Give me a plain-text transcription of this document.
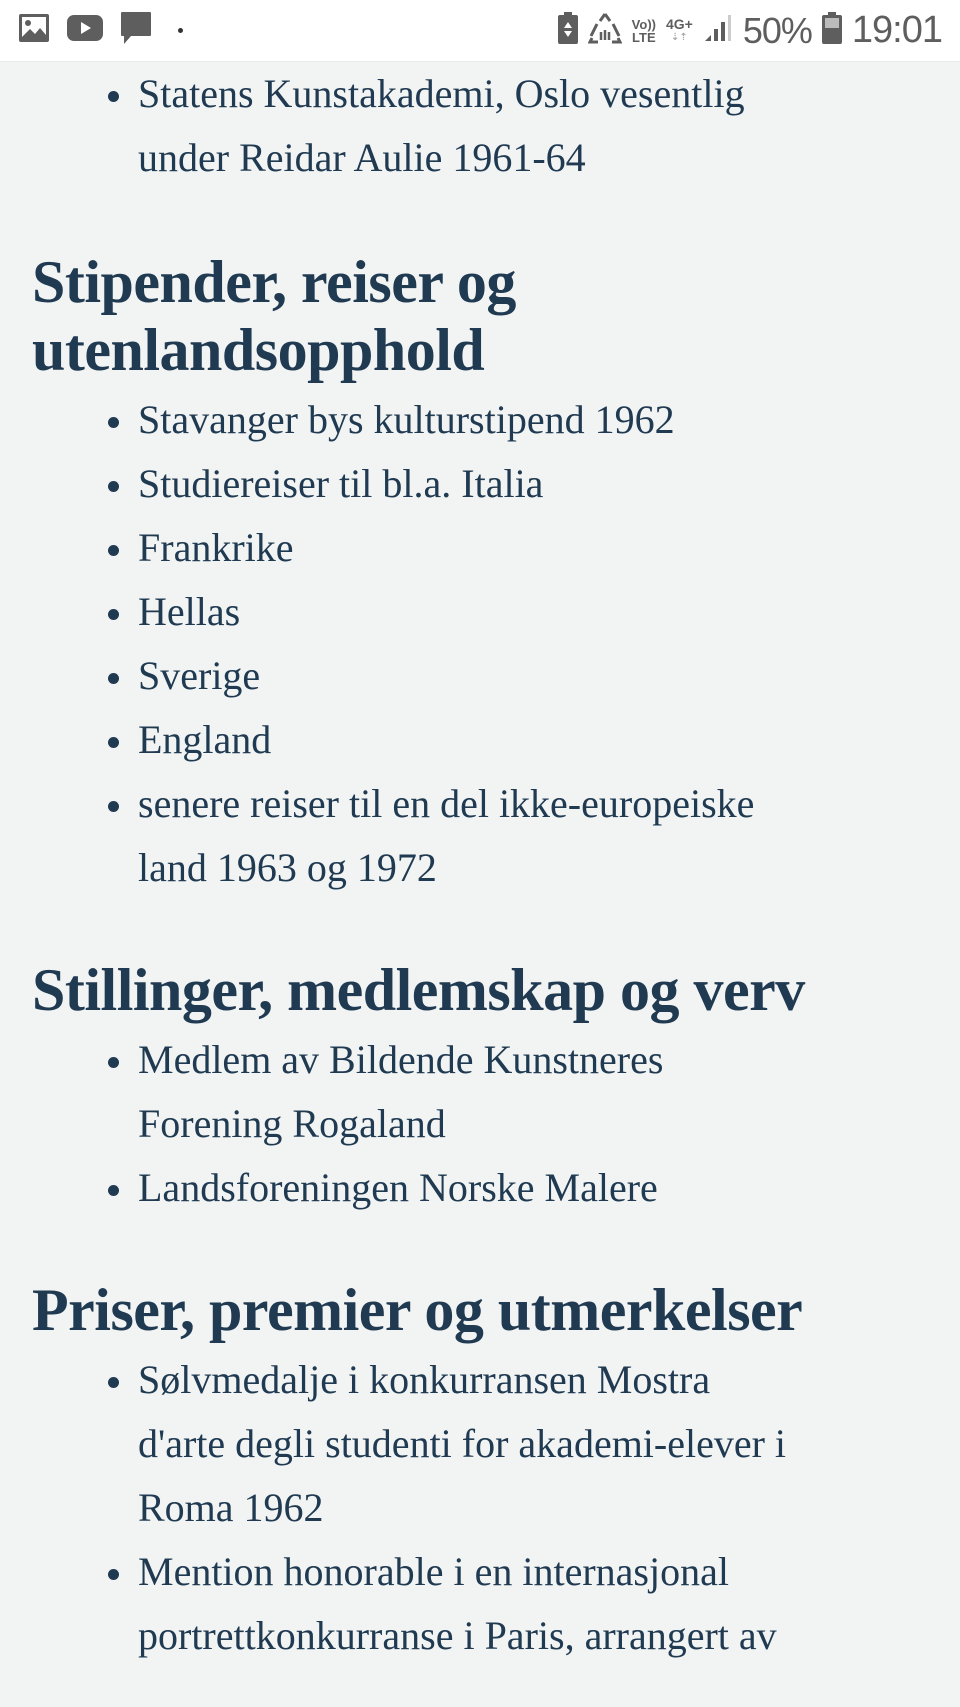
Vo))
LTE
4G+
⇣⇡ 50% 19:01
Statens Kunstakademi, Oslo vesentlig
under Reidar Aulie 1961-64
Stipender, reiser og
utenlandsopphold
Stavanger bys kulturstipend 1962
Studiereiser til bl.a. Italia
Frankrike
Hellas
Sverige
England
senere reiser til en del ikke-europeiske
land 1963 og 1972
Stillinger, medlemskap og verv
Medlem av Bildende Kunstneres
Forening Rogaland
Landsforeningen Norske Malere
Priser, premier og utmerkelser
Sølvmedalje i konkurransen Mostra
d'arte degli studenti for akademi-elever i
Roma 1962
Mention honorable i en internasjonal
portrettkonkurranse i Paris, arrangert av
